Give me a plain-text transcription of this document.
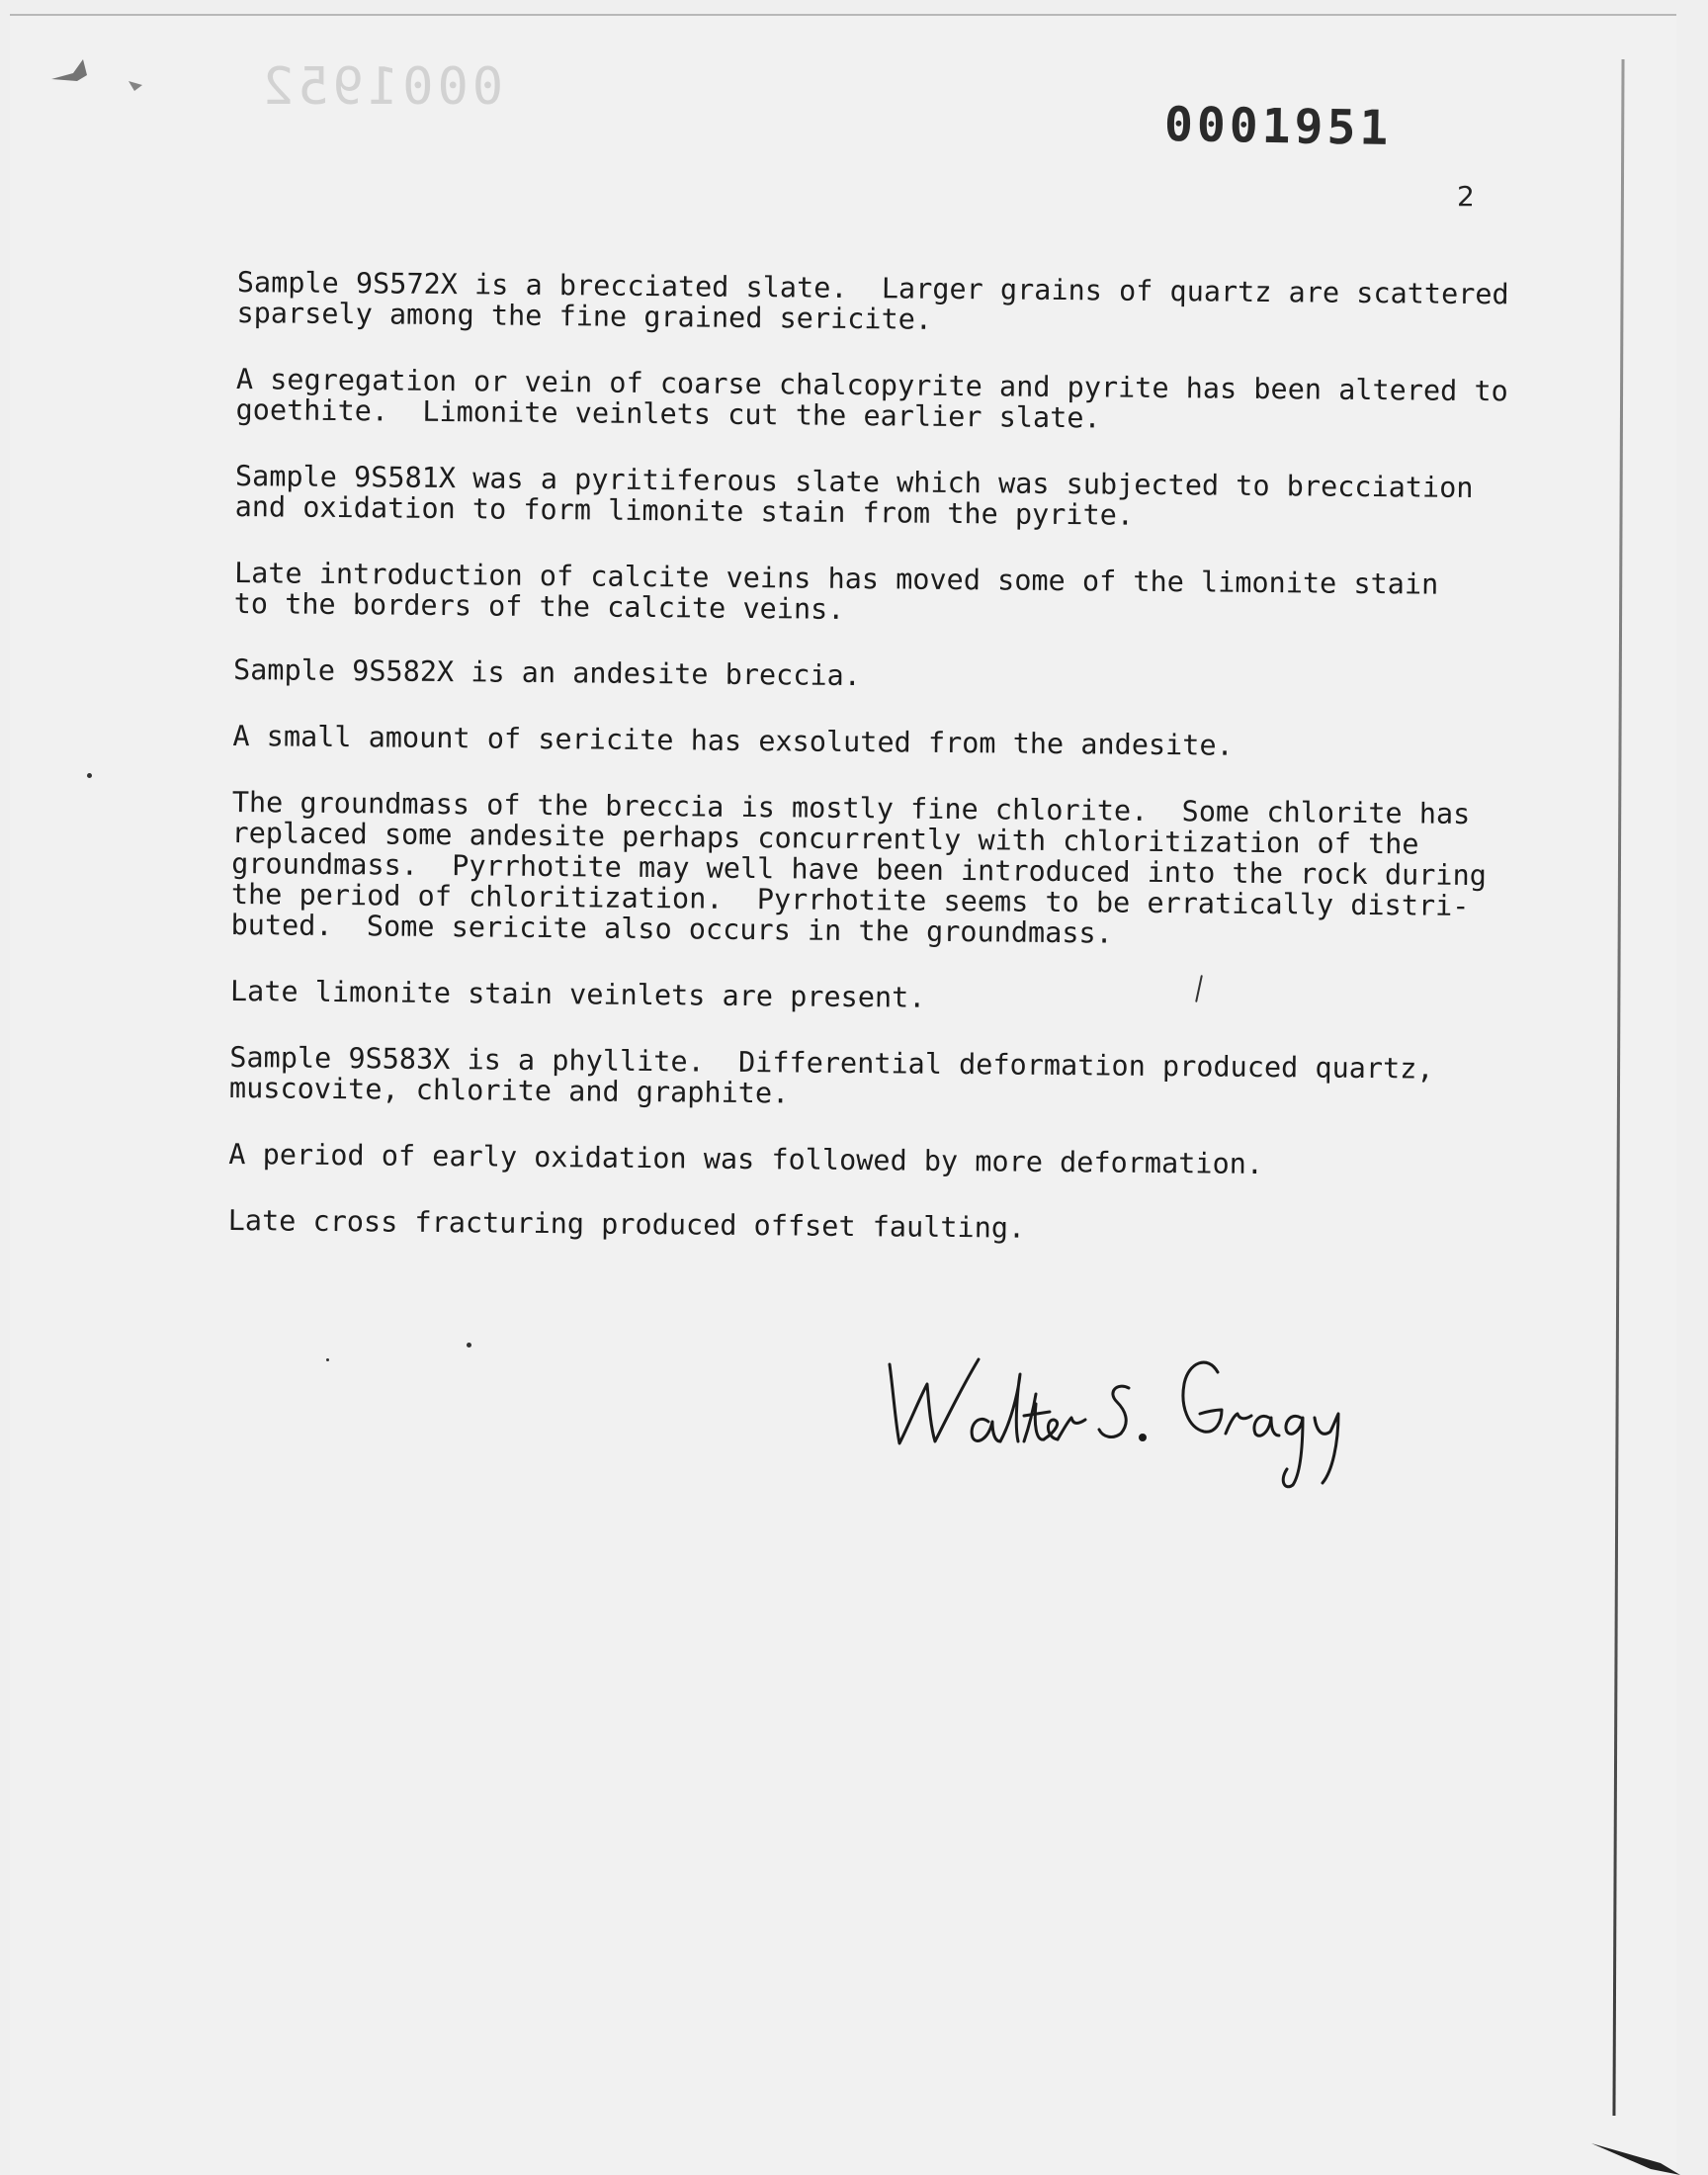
0001952
0001951
2

Sample 9S572X is a brecciated slate.  Larger grains of quartz are scattered
sparsely among the fine grained sericite.

A segregation or vein of coarse chalcopyrite and pyrite has been altered to
goethite.  Limonite veinlets cut the earlier slate.

Sample 9S581X was a pyritiferous slate which was subjected to brecciation
and oxidation to form limonite stain from the pyrite.

Late introduction of calcite veins has moved some of the limonite stain
to the borders of the calcite veins.

Sample 9S582X is an andesite breccia.

A small amount of sericite has exsoluted from the andesite.

The groundmass of the breccia is mostly fine chlorite.  Some chlorite has
replaced some andesite perhaps concurrently with chloritization of the
groundmass.  Pyrrhotite may well have been introduced into the rock during
the period of chloritization.  Pyrrhotite seems to be erratically distri-
buted.  Some sericite also occurs in the groundmass.

Late limonite stain veinlets are present.

Sample 9S583X is a phyllite.  Differential deformation produced quartz,
muscovite, chlorite and graphite.

A period of early oxidation was followed by more deformation.

Late cross fracturing produced offset faulting.
